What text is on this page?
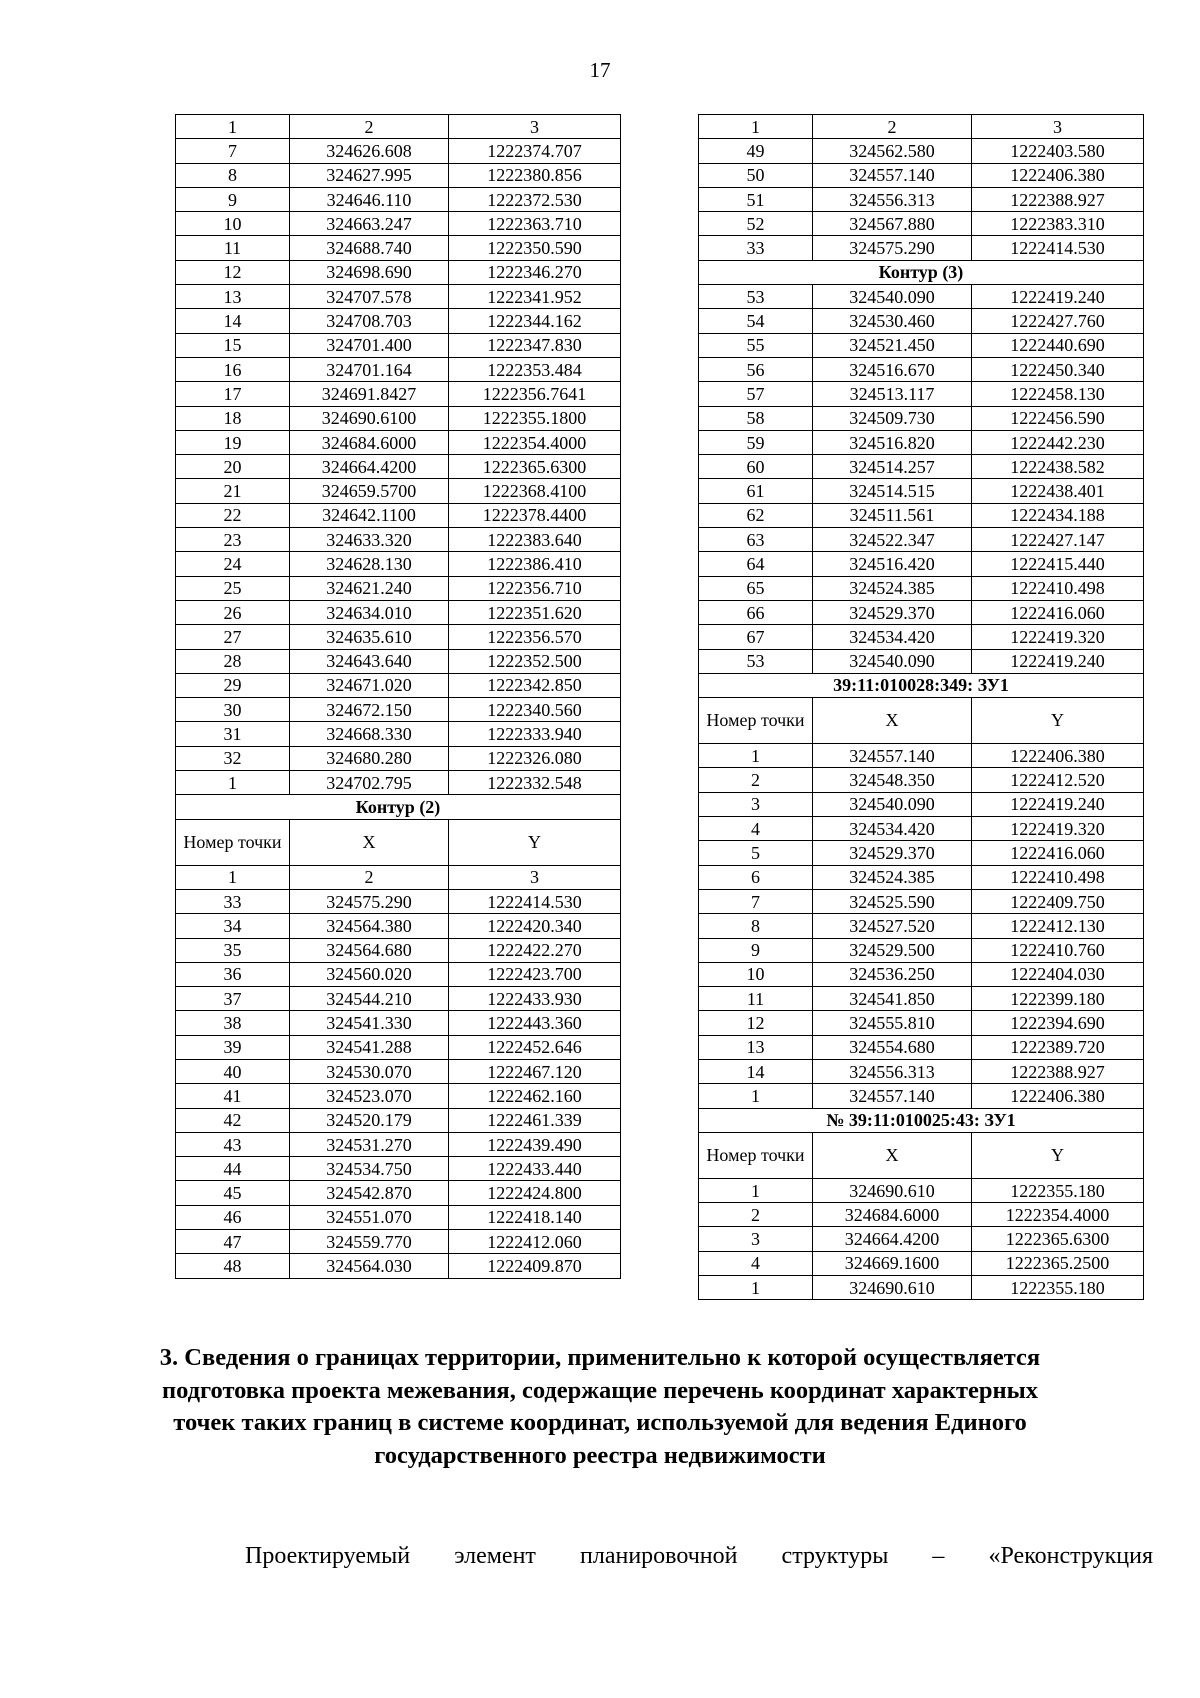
17
1	2	3
7	324626.608	1222374.707
8	324627.995	1222380.856
9	324646.110	1222372.530
10	324663.247	1222363.710
11	324688.740	1222350.590
12	324698.690	1222346.270
13	324707.578	1222341.952
14	324708.703	1222344.162
15	324701.400	1222347.830
16	324701.164	1222353.484
17	324691.8427	1222356.7641
18	324690.6100	1222355.1800
19	324684.6000	1222354.4000
20	324664.4200	1222365.6300
21	324659.5700	1222368.4100
22	324642.1100	1222378.4400
23	324633.320	1222383.640
24	324628.130	1222386.410
25	324621.240	1222356.710
26	324634.010	1222351.620
27	324635.610	1222356.570
28	324643.640	1222352.500
29	324671.020	1222342.850
30	324672.150	1222340.560
31	324668.330	1222333.940
32	324680.280	1222326.080
1	324702.795	1222332.548
Контур (2)		
Номер точки	X	Y
1	2	3
33	324575.290	1222414.530
34	324564.380	1222420.340
35	324564.680	1222422.270
36	324560.020	1222423.700
37	324544.210	1222433.930
38	324541.330	1222443.360
39	324541.288	1222452.646
40	324530.070	1222467.120
41	324523.070	1222462.160
42	324520.179	1222461.339
43	324531.270	1222439.490
44	324534.750	1222433.440
45	324542.870	1222424.800
46	324551.070	1222418.140
47	324559.770	1222412.060
48	324564.030	1222409.870
1	2	3
49	324562.580	1222403.580
50	324557.140	1222406.380
51	324556.313	1222388.927
52	324567.880	1222383.310
33	324575.290	1222414.530
Контур (3)		
53	324540.090	1222419.240
54	324530.460	1222427.760
55	324521.450	1222440.690
56	324516.670	1222450.340
57	324513.117	1222458.130
58	324509.730	1222456.590
59	324516.820	1222442.230
60	324514.257	1222438.582
61	324514.515	1222438.401
62	324511.561	1222434.188
63	324522.347	1222427.147
64	324516.420	1222415.440
65	324524.385	1222410.498
66	324529.370	1222416.060
67	324534.420	1222419.320
53	324540.090	1222419.240
39:11:010028:349: ЗУ1		
Номер точки	X	Y
1	324557.140	1222406.380
2	324548.350	1222412.520
3	324540.090	1222419.240
4	324534.420	1222419.320
5	324529.370	1222416.060
6	324524.385	1222410.498
7	324525.590	1222409.750
8	324527.520	1222412.130
9	324529.500	1222410.760
10	324536.250	1222404.030
11	324541.850	1222399.180
12	324555.810	1222394.690
13	324554.680	1222389.720
14	324556.313	1222388.927
1	324557.140	1222406.380
№ 39:11:010025:43: ЗУ1		
Номер точки	X	Y
1	324690.610	1222355.180
2	324684.6000	1222354.4000
3	324664.4200	1222365.6300
4	324669.1600	1222365.2500
1	324690.610	1222355.180
3. Сведения о границах территории, применительно к которой осуществляется подготовка проекта межевания, содержащие перечень координат характерных точек таких границ в системе координат, используемой для ведения Единого государственного реестра недвижимости
Проектируемый элемент планировочной структуры – «Реконструкция
